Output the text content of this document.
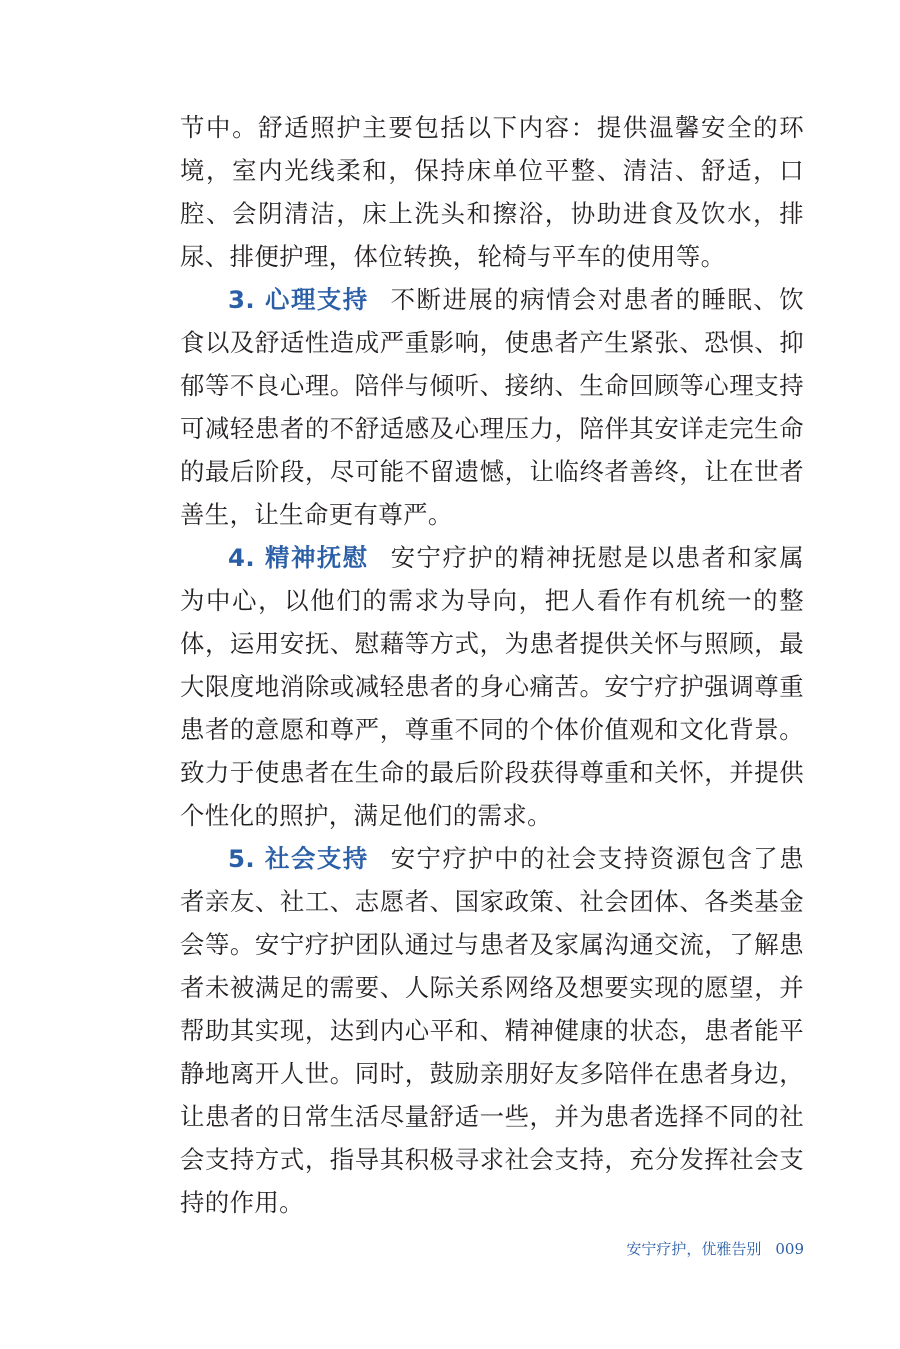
节中。舒适照护主要包括以下内容：提供温馨安全的环境，室内光线柔和，保持床单位平整、清洁、舒适，口腔、会阴清洁，床上洗头和擦浴，协助进食及饮水，排尿、排便护理，体位转换，轮椅与平车的使用等。

3. 心理支持 不断进展的病情会对患者的睡眠、饮食以及舒适性造成严重影响，使患者产生紧张、恐惧、抑郁等不良心理。陪伴与倾听、接纳、生命回顾等心理支持可减轻患者的不舒适感及心理压力，陪伴其安详走完生命的最后阶段，尽可能不留遗憾，让临终者善终，让在世者善生，让生命更有尊严。

4. 精神抚慰 安宁疗护的精神抚慰是以患者和家属为中心，以他们的需求为导向，把人看作有机统一的整体，运用安抚、慰藉等方式，为患者提供关怀与照顾，最大限度地消除或减轻患者的身心痛苦。安宁疗护强调尊重患者的意愿和尊严，尊重不同的个体价值观和文化背景。致力于使患者在生命的最后阶段获得尊重和关怀，并提供个性化的照护，满足他们的需求。

5. 社会支持 安宁疗护中的社会支持资源包含了患者亲友、社工、志愿者、国家政策、社会团体、各类基金会等。安宁疗护团队通过与患者及家属沟通交流，了解患者未被满足的需要、人际关系网络及想要实现的愿望，并帮助其实现，达到内心平和、精神健康的状态，患者能平静地离开人世。同时，鼓励亲朋好友多陪伴在患者身边，让患者的日常生活尽量舒适一些，并为患者选择不同的社会支持方式，指导其积极寻求社会支持，充分发挥社会支持的作用。

安宁疗护，优雅告别 009
